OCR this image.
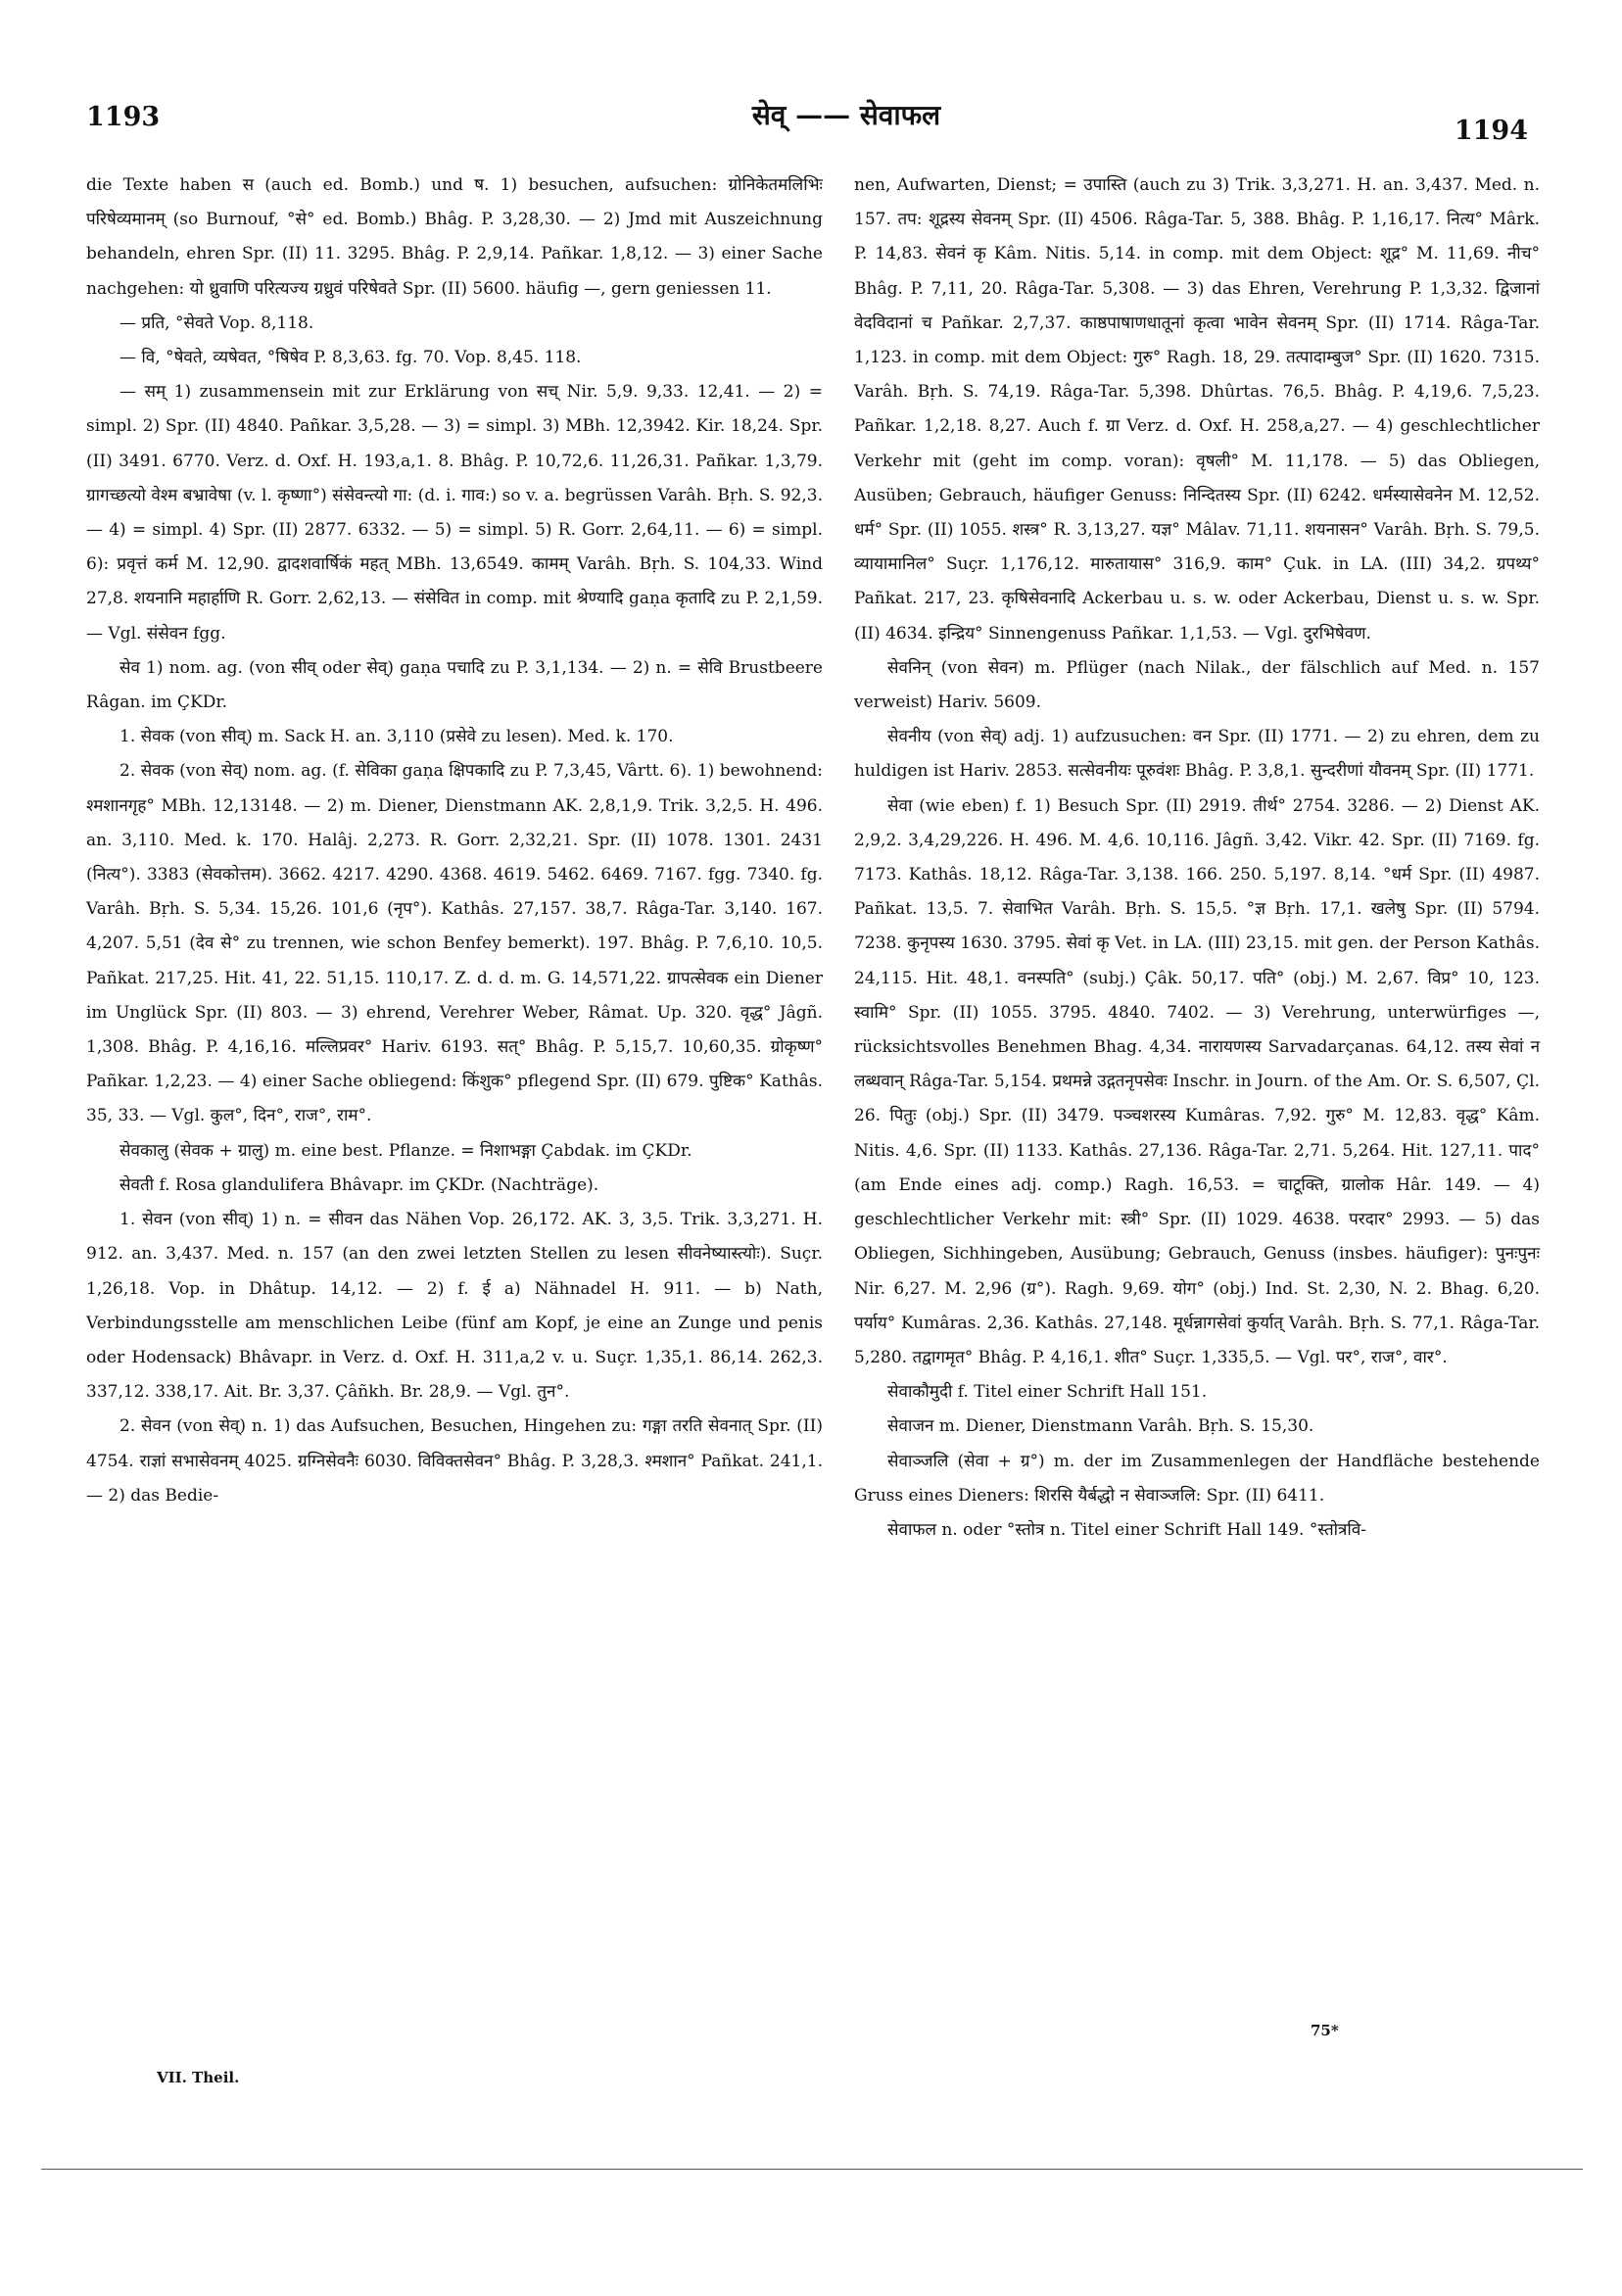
1193	सेव् —— सेवाफल	1194

die Texte haben स (auch ed. Bomb.) und ष. 1) besuchen, aufsuchen: ग्रोनिकेतमलिभिः परिषेव्यमानम् (so Burnouf, °से° ed. Bomb.) Bhâg. P. 3,28,30. — 2) Jmd mit Auszeichnung behandeln, ehren Spr. (II) 11. 3295. Bhâg. P. 2,9,14. Pañkar. 1,8,12. — 3) einer Sache nachgehen: यो ध्रुवाणि परित्यज्य ग्रध्रुवं परिषेवते Spr. (II) 5600. häufig —, gern geniessen 11.

— प्रति, °सेवते Vop. 8,118.

— वि, °षेवते, व्यषेवत, °षिषेव P. 8,3,63. fg. 70. Vop. 8,45. 118.

— सम् 1) zusammensein mit zur Erklärung von सच् Nir. 5,9. 9,33. 12,41. — 2) = simpl. 2) Spr. (II) 4840. Pañkar. 3,5,28. — 3) = simpl. 3) MBh. 12,3942. Kir. 18,24. Spr. (II) 3491. 6770. Verz. d. Oxf. H. 193,a,1. 8. Bhâg. P. 10,72,6. 11,26,31. Pañkar. 1,3,79. ग्रागच्छत्यो वेश्म बभ्रावेषा (v. l. कृष्णा°) संसेवन्त्यो गा: (d. i. गाव:) so v. a. begrüssen Varâh. Bṛh. S. 92,3. — 4) = simpl. 4) Spr. (II) 2877. 6332. — 5) = simpl. 5) R. Gorr. 2,64,11. — 6) = simpl. 6): प्रवृत्तं कर्म M. 12,90. द्वादशवार्षिकं महत् MBh. 13,6549. कामम् Varâh. Bṛh. S. 104,33. Wind 27,8. शयनानि महार्हाणि R. Gorr. 2,62,13. — संसेवित in comp. mit श्रेण्यादि gaṇa कृतादि zu P. 2,1,59. — Vgl. संसेवन fgg.

सेव 1) nom. ag. (von सीव् oder सेव्) gaṇa पचादि zu P. 3,1,134. — 2) n. = सेवि Brustbeere Râgan. im ÇKDr.

1. सेवक (von सीव्) m. Sack H. an. 3,110 (प्रसेवे zu lesen). Med. k. 170.

2. सेवक (von सेव्) nom. ag. (f. सेविका gaṇa क्षिपकादि zu P. 7,3,45, Vârtt. 6). 1) bewohnend: श्मशानगृह° MBh. 12,13148. — 2) m. Diener, Dienstmann AK. 2,8,1,9. Trik. 3,2,5. H. 496. an. 3,110. Med. k. 170. Halâj. 2,273. R. Gorr. 2,32,21. Spr. (II) 1078. 1301. 2431 (नित्य°). 3383 (सेवकोत्तम). 3662. 4217. 4290. 4368. 4619. 5462. 6469. 7167. fgg. 7340. fg. Varâh. Bṛh. S. 5,34. 15,26. 101,6 (नृप°). Kathâs. 27,157. 38,7. Râga-Tar. 3,140. 167. 4,207. 5,51 (देव से° zu trennen, wie schon Benfey bemerkt). 197. Bhâg. P. 7,6,10. 10,5. Pañkat. 217,25. Hit. 41, 22. 51,15. 110,17. Z. d. d. m. G. 14,571,22. ग्रापत्सेवक ein Diener im Unglück Spr. (II) 803. — 3) ehrend, Verehrer Weber, Râmat. Up. 320. वृद्ध° Jâgñ. 1,308. Bhâg. P. 4,16,16. मल्लिप्रवर° Hariv. 6193. सत्° Bhâg. P. 5,15,7. 10,60,35. ग्रोकृष्ण° Pañkar. 1,2,23. — 4) einer Sache obliegend: किंशुक° pflegend Spr. (II) 679. पुष्टिक° Kathâs. 35, 33. — Vgl. कुल°, दिन°, राज°, राम°.

सेवकालु (सेवक + ग्रालु) m. eine best. Pflanze. = निशाभङ्गा Çabdak. im ÇKDr.

सेवती f. Rosa glandulifera Bhâvapr. im ÇKDr. (Nachträge).

1. सेवन (von सीव्) 1) n. = सीवन das Nähen Vop. 26,172. AK. 3, 3,5. Trik. 3,3,271. H. 912. an. 3,437. Med. n. 157 (an den zwei letzten Stellen zu lesen सीवनेष्यास्त्योः). Suçr. 1,26,18. Vop. in Dhâtup. 14,12. — 2) f. ई a) Nähnadel H. 911. — b) Nath, Verbindungsstelle am menschlichen Leibe (fünf am Kopf, je eine an Zunge und penis oder Hodensack) Bhâvapr. in Verz. d. Oxf. H. 311,a,2 v. u. Suçr. 1,35,1. 86,14. 262,3. 337,12. 338,17. Ait. Br. 3,37. Çâñkh. Br. 28,9. — Vgl. तुन°.

2. सेवन (von सेव्) n. 1) das Aufsuchen, Besuchen, Hingehen zu: गङ्गा तरति सेवनात् Spr. (II) 4754. राज्ञां सभासेवनम् 4025. ग्रग्निसेवनैः 6030. विविक्तसेवन° Bhâg. P. 3,28,3. श्मशान° Pañkat. 241,1. — 2) das Bedie-

nen, Aufwarten, Dienst; = उपास्ति (auch zu 3) Trik. 3,3,271. H. an. 3,437. Med. n. 157. तप: शूद्रस्य सेवनम् Spr. (II) 4506. Râga-Tar. 5, 388. Bhâg. P. 1,16,17. नित्य° Mârk. P. 14,83. सेवनं कृ Kâm. Nitis. 5,14. in comp. mit dem Object: शूद्र° M. 11,69. नीच° Bhâg. P. 7,11, 20. Râga-Tar. 5,308. — 3) das Ehren, Verehrung P. 1,3,32. द्विजानां वेदविदानां च Pañkar. 2,7,37. काष्ठपाषाणधातूनां कृत्वा भावेन सेवनम् Spr. (II) 1714. Râga-Tar. 1,123. in comp. mit dem Object: गुरु° Ragh. 18, 29. तत्पादाम्बुज° Spr. (II) 1620. 7315. Varâh. Bṛh. S. 74,19. Râga-Tar. 5,398. Dhûrtas. 76,5. Bhâg. P. 4,19,6. 7,5,23. Pañkar. 1,2,18. 8,27. Auch f. ग्रा Verz. d. Oxf. H. 258,a,27. — 4) geschlechtlicher Verkehr mit (geht im comp. voran): वृषली° M. 11,178. — 5) das Obliegen, Ausüben; Gebrauch, häufiger Genuss: निन्दितस्य Spr. (II) 6242. धर्मस्यासेवनेन M. 12,52. धर्म° Spr. (II) 1055. शस्त्र° R. 3,13,27. यज्ञ° Mâlav. 71,11. शयनासन° Varâh. Bṛh. S. 79,5. व्यायामानिल° Suçr. 1,176,12. मारुतायास° 316,9. काम° Çuk. in LA. (III) 34,2. ग्रपथ्य° Pañkat. 217, 23. कृषिसेवनादि Ackerbau u. s. w. oder Ackerbau, Dienst u. s. w. Spr. (II) 4634. इन्द्रिय° Sinnengenuss Pañkar. 1,1,53. — Vgl. दुरभिषेवण.

सेवनिन् (von सेवन) m. Pflüger (nach Nilak., der fälschlich auf Med. n. 157 verweist) Hariv. 5609.

सेवनीय (von सेव्) adj. 1) aufzusuchen: वन Spr. (II) 1771. — 2) zu ehren, dem zu huldigen ist Hariv. 2853. सत्सेवनीयः पूरुवंशः Bhâg. P. 3,8,1. सुन्दरीणां यौवनम् Spr. (II) 1771.

सेवा (wie eben) f. 1) Besuch Spr. (II) 2919. तीर्थ° 2754. 3286. — 2) Dienst AK. 2,9,2. 3,4,29,226. H. 496. M. 4,6. 10,116. Jâgñ. 3,42. Vikr. 42. Spr. (II) 7169. fg. 7173. Kathâs. 18,12. Râga-Tar. 3,138. 166. 250. 5,197. 8,14. °धर्म Spr. (II) 4987. Pañkat. 13,5. 7. सेवाभित Varâh. Bṛh. S. 15,5. °ज्ञ Bṛh. 17,1. खलेषु Spr. (II) 5794. 7238. कुनृपस्य 1630. 3795. सेवां कृ Vet. in LA. (III) 23,15. mit gen. der Person Kathâs. 24,115. Hit. 48,1. वनस्पति° (subj.) Çâk. 50,17. पति° (obj.) M. 2,67. विप्र° 10, 123. स्वामि° Spr. (II) 1055. 3795. 4840. 7402. — 3) Verehrung, unterwürfiges —, rücksichtsvolles Benehmen Bhag. 4,34. नारायणस्य Sarvadarçanas. 64,12. तस्य सेवां न लब्धवान् Râga-Tar. 5,154. प्रथमन्ने उद्गतनृपसेवः Inschr. in Journ. of the Am. Or. S. 6,507, Çl. 26. पितुः (obj.) Spr. (II) 3479. पञ्चशरस्य Kumâras. 7,92. गुरु° M. 12,83. वृद्ध° Kâm. Nitis. 4,6. Spr. (II) 1133. Kathâs. 27,136. Râga-Tar. 2,71. 5,264. Hit. 127,11. पाद° (am Ende eines adj. comp.) Ragh. 16,53. = चाटूक्ति, ग्रालोक Hâr. 149. — 4) geschlechtlicher Verkehr mit: स्त्री° Spr. (II) 1029. 4638. परदार° 2993. — 5) das Obliegen, Sichhingeben, Ausübung; Gebrauch, Genuss (insbes. häufiger): पुनःपुनः Nir. 6,27. M. 2,96 (ग्र°). Ragh. 9,69. योग° (obj.) Ind. St. 2,30, N. 2. Bhag. 6,20. पर्याय° Kumâras. 2,36. Kathâs. 27,148. मूर्धन्नागसेवां कुर्यात् Varâh. Bṛh. S. 77,1. Râga-Tar. 5,280. तद्वागमृत° Bhâg. P. 4,16,1. शीत° Suçr. 1,335,5. — Vgl. पर°, राज°, वार°.

सेवाकौमुदी f. Titel einer Schrift Hall 151.

सेवाजन m. Diener, Dienstmann Varâh. Bṛh. S. 15,30.

सेवाञ्जलि (सेवा + ग्र°) m. der im Zusammenlegen der Handfläche bestehende Gruss eines Dieners: शिरसि यैर्बद्धो न सेवाञ्जलि: Spr. (II) 6411.

सेवाफल n. oder °स्तोत्र n. Titel einer Schrift Hall 149. °स्तोत्रवि-

VII. Theil.
75*
